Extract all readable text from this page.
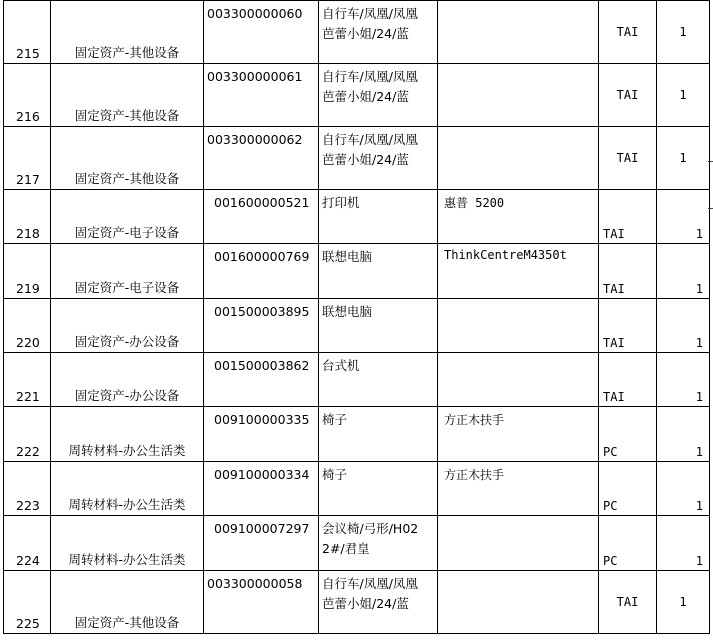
215	固定资产-其他设备	003300000060	自行车/凤凰/凤凰芭蕾小姐/24/蓝		TAI	1
216	固定资产-其他设备	003300000061	自行车/凤凰/凤凰芭蕾小姐/24/蓝		TAI	1
217	固定资产-其他设备	003300000062	自行车/凤凰/凤凰芭蕾小姐/24/蓝		TAI	1
218	固定资产-电子设备	001600000521	打印机	惠普 5200	TAI	1
219	固定资产-电子设备	001600000769	联想电脑	ThinkCentreM4350t	TAI	1
220	固定资产-办公设备	001500003895	联想电脑		TAI	1
221	固定资产-办公设备	001500003862	台式机		TAI	1
222	周转材料-办公生活类	009100000335	椅子	方正木扶手	PC	1
223	周转材料-办公生活类	009100000334	椅子	方正木扶手	PC	1
224	周转材料-办公生活类	009100007297	会议椅/弓形/H022#/君皇		PC	1
225	固定资产-其他设备	003300000058	自行车/凤凰/凤凰芭蕾小姐/24/蓝		TAI	1
